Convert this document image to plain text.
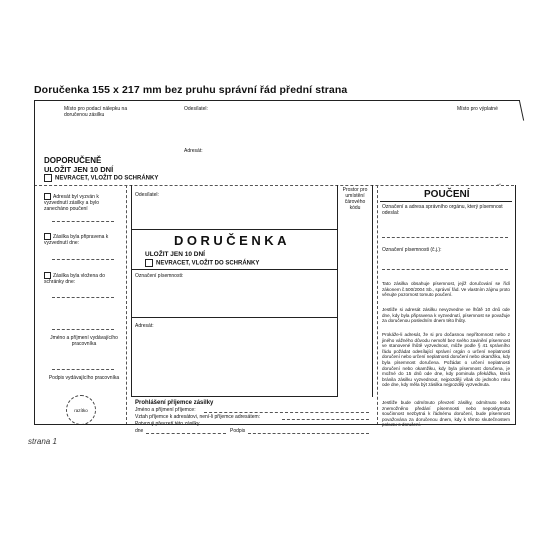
Doručenka 155 x 217 mm bez pruhu správní řád přední strana
Místo pro podací nálepku na doručenou zásilku
Odesílatel:	Místo pro výplatné
Adresát:
DOPORUČENĚ
ULOŽIT JEN 10 DNÍ
NEVRACET, VLOŽIT DO SCHRÁNKY
→
Adresát byl vyzván k vyzvednutí zásilky a bylo zanecháno poučení
Zásilka byla připravena k vyzvednutí dne:
Zásilka byla vložena do schránky dne:
Jméno a příjmení vydávajícího pracovníka
Podpis vydávajícího pracovníka
razítko
Odesílatel:
DORUČENKA
ULOŽIT JEN 10 DNÍ
NEVRACET, VLOŽIT DO SCHRÁNKY
Označení písemnosti:
Adresát:
Prostor pro umístění čárového kódu
Prohlášení příjemce zásilky
Jméno a příjmení příjemce:
Vztah příjemce k adresátovi, není-li příjemce adresátem:
dne	Podpis
POUČENÍ
Označení a adresa správního orgánu, který písemnost odeslal:
Označení písemnosti (č.j.):
Tato zásilka obsahuje písemnost, jejíž doručování se řídí zákonem č.500/2004 Sb., správní řád. Ve vlastním zájmu proto věnujte pozornost tomuto poučení.
Jestliže si adresát zásilku nevyzvedne ve lhůtě 10 dnů ode dne, kdy byla připravena k vyzvednutí, písemnost se považuje za doručenou posledním dnem této lhůty.
Prokáže-li adresát, že si pro dočasnou nepřítomnost nebo z jiného vážného důvodu nemohl bez svého zavinění písemnost ve stanovené lhůtě vyzvednout, může podle § 41 správního řádu požádat odesílající správní orgán o určení neplatnosti doručení nebo určení neplatnosti doručení nebo okamžiku, kdy byla písemnost doručena. Požádat o určení neplatnosti doručení nebo okamžiku, kdy byla písemnost doručena, je možné do 15 dnů ode dne, kdy pominula překážka, která bránila zásilku vyzvednout, nejpozději však do jednoho roku ode dne, kdy měla být zásilka nejpozději vyzvednuta.
Jestliže bude odmítnuto převzetí zásilky, odmítnuto nebo znemožněno předání písemnosti nebo neposkytnuta součinnost nezbytná k řádnému doručení, bude písemnost považována za doručenou dnem, kdy k těmto skutečnostem
strana 1
